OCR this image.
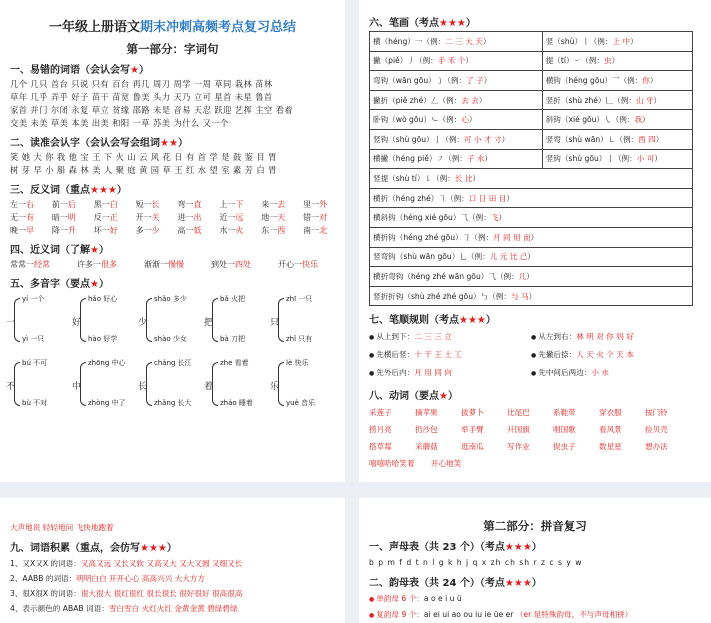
一年级上册语文期末冲刺高频考点复习总结
第一部分：字词句
一、易错的词语（会认会写★）
几个 几只 首台 只说 只有 百台 再几 周刀 周学 一周 草同 栽林 苗林
草年 几乎 弄乎 好子 苗干 苗宽 鲁美 头力 天乃 立可 星首 未星 鲁首
家首 并门 尔闭 永复 草立 贫缘 邵路 未是 音易 天忍 跃迎 艺挥 主空 看着
交美 未美 草美 本美 出美 和阳 一草 苏美 为什么 又一个
二、读准会认字（会认会写会组词★★）
笑 她 大 你 我 他 宝 王 下 火 山 云 风 花 日 有 首 学 是 鼓 鉴 目 胃
树 芽 早 小 船 森 林 美 人 聚 庭 黄 园 草 王 红 水 望 室 素 芳 白 胃
三、反义词（重点★★★）
左一右	前一后	黑一白	短一长	弯一直	上一下	来一去	里一外
无一有	暗一明	反一正	开一关	进一出	近一远	地一天	错一对
晚一早	降一升	坏一好	多一少	高一低	水一火	东一西	南一北
四、近义词（了解★）
常常一经常	许多一很多	渐渐一慢慢	到处一四处	开心一快乐
五、多音字（要点★）
一
yí 一个
yì 一只
好
hǎo 好心
hào 好学
少
shǎo 多少
shào 少女
把
bǎ 火把
bà 刀把
只
zhī 一只
zhǐ 只有
不
bú 不可
bù 不对
中
zhōng 中心
zhòng 中了
长
cháng 长江
zhǎng 长大
着
zhe 看着
zháo 睡着
乐
lè 快乐
yuè 音乐
六、笔画（考点★★★）
横（héng）一（例：二 三 大 天）	竖（shù）丨（例：上 中）
撇（piě）丿（例：手 禾 个）	提（tí）㇀（例：虫）
弯钩（wān gōu）㇁（例：了 子）	横钩（héng gōu）乛（例：你）
撇折（piě zhé）𠃋（例：去 去）	竖折（shù zhé）𠃊（例：山 牙）
卧钩（wò gōu）㇃（例：心）	斜钩（xié gōu）㇂（例：我）
竖钩（shù gōu）亅（例：可 小 才 寸）	竖弯（shù wān）㇄（例：西 四）
横撇（héng piě）㇇（例：子 水）	竖钩（shù gōu）亅（例：小 可）
竖提（shù tí）㇙（例：长 比）	
横折（héng zhé）㇕（例：口 日 田 目）	
横斜钩（héng xié gōu）⺄（例：飞）	
横折钩（héng zhé gōu）㇆（例：月 同 用 而）	
竖弯钩（shù wān gōu）乚（例：儿 元 比 己）	
横折弯钩（héng zhé wān gōu）⺄（例：几）	
竖折折钩（shù zhé zhé gōu）㇉（例：与 马）	
七、笔顺规则（考点★★★）
● 从上到下：二 三 三 立	● 从左到右：林 明 对 你 妈 好
● 先横后竖：十 干 王 土 工	● 先撇后捺：人 天 火 个 天 本
● 先外后内：月 用 同 向	● 先中间后两边：小 水
八、动词（要点★）
采莲子	摘苹果	拔萝卜	比尾巴	系鞋带	穿衣服	按门铃
捞月亮	扔沙包	举手臂	升国旗	唱国歌	看风景	捡贝壳
搭草莓	采蘑菇	逛南瓜	写作业	捉虫子	数星星	想办法
嘻嘻哈哈笑着	开心地笑
大声地说 轻轻地问 飞快地跑着
九、词语积累（重点，会仿写★★★）
1、又X又X 的词语：又高又远 又长又软 又高又大 又大又圆 又细又长
2、AABB 的词语：明明白白 开开心心 高高兴兴 大大方方
3、很X很X 的词语：很大很大 很红很红 很长很长 很好很好 很高很高
4、表示颜色的 ABAB 词语：雪白雪白 火红火红 金黄金黄 碧绿碧绿
第二部分：拼音复习
一、声母表（共 23 个）（考点★★★）
b p m f d t n l g k h j q x zh ch sh r z c s y w
二、韵母表（共 24 个）（考点★★★）
● 单韵母 6 个：a o e i u ü
● 复韵母 9 个：ai ei ui ao ou iu ie üe er （er 是特殊韵母，不与声母相拼）
